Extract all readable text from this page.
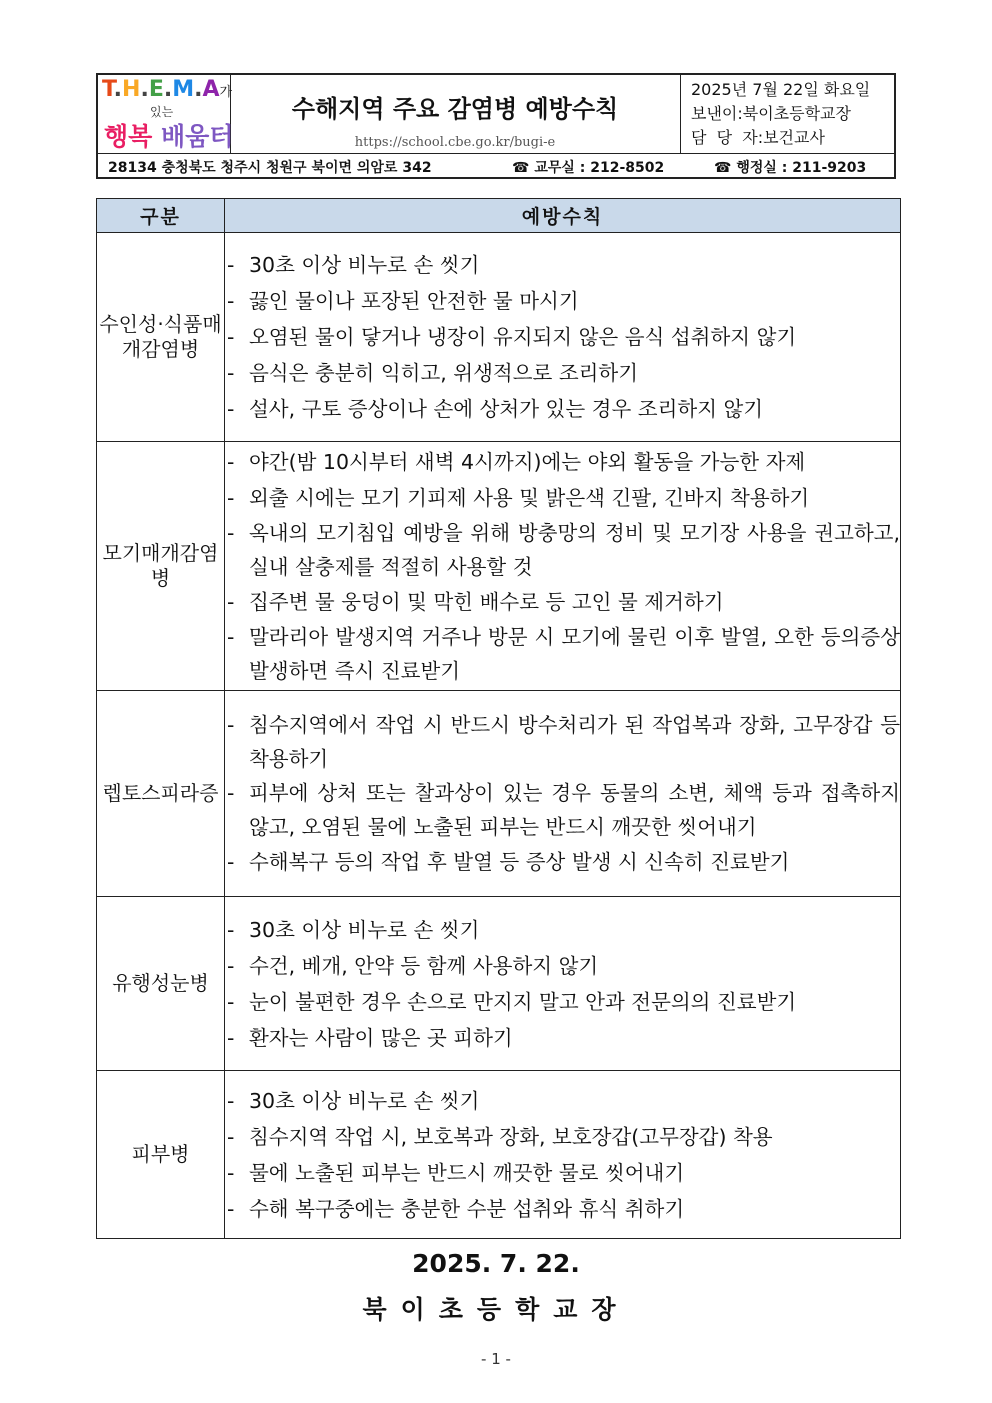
T.H.E.M.A가
있는
행복 배움터
수해지역 주요 감염병 예방수칙
https://school.cbe.go.kr/bugi-e
2025년 7월 22일 화요일
보낸이:북이초등학교장
담  당  자:보건교사
28134 충청북도 청주시 청원구 북이면 의암로 342	☎ 교무실 : 212-8502	☎ 행정실 : 211-9203
구분	예방수칙
수인성·식품매개감염병	- 30초 이상 비누로 손 씻기
- 끓인 물이나 포장된 안전한 물 마시기
- 오염된 물이 닿거나 냉장이 유지되지 않은 음식 섭취하지 않기
- 음식은 충분히 익히고, 위생적으로 조리하기
- 설사, 구토 증상이나 손에 상처가 있는 경우 조리하지 않기

모기매개감염병	- 야간(밤 10시부터 새벽 4시까지)에는 야외 활동을 가능한 자제
- 외출 시에는 모기 기피제 사용 및 밝은색 긴팔, 긴바지 착용하기
- 옥내의 모기침입 예방을 위해 방충망의 정비 및 모기장 사용을 권고하고, 실내 살충제를 적절히 사용할 것
- 집주변 물 웅덩이 및 막힌 배수로 등 고인 물 제거하기
- 말라리아 발생지역 거주나 방문 시 모기에 물린 이후 발열, 오한 등의증상 발생하면 즉시 진료받기

렙토스피라증	- 침수지역에서 작업 시 반드시 방수처리가 된 작업복과 장화, 고무장갑 등 착용하기
- 피부에 상처 또는 찰과상이 있는 경우 동물의 소변, 체액 등과 접촉하지 않고, 오염된 물에 노출된 피부는 반드시 깨끗한 씻어내기
- 수해복구 등의 작업 후 발열 등 증상 발생 시 신속히 진료받기

유행성눈병	- 30초 이상 비누로 손 씻기
- 수건, 베개, 안약 등 함께 사용하지 않기
- 눈이 불편한 경우 손으로 만지지 말고 안과 전문의의 진료받기
- 환자는 사람이 많은 곳 피하기

피부병	- 30초 이상 비누로 손 씻기
- 침수지역 작업 시, 보호복과 장화, 보호장갑(고무장갑) 착용
- 물에 노출된 피부는 반드시 깨끗한 물로 씻어내기
- 수해 복구중에는 충분한 수분 섭취와 휴식 취하기
2025. 7. 22.
북이초등학교장
- 1 -
